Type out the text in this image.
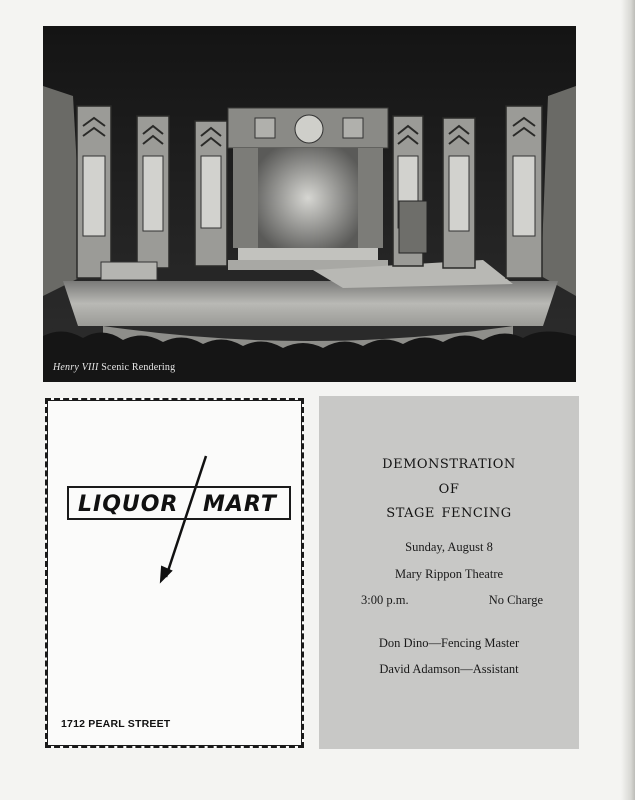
Henry VIII Scenic Rendering
LIQUOR MART
1712 PEARL STREET
demonstration
of
stage fencing
Sunday, August 8
Mary Rippon Theatre
3:00 p.m.	No Charge
Don Dino—Fencing Master
David Adamson—Assistant
